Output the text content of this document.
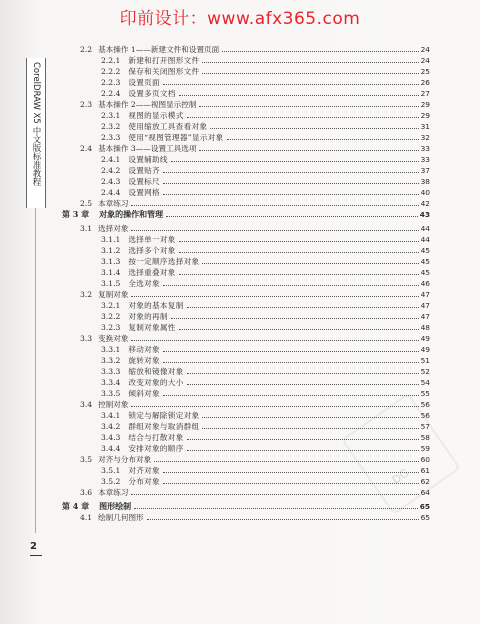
印前设计：www.afx365.com
CorelDRAW X5 中文版标准教程
DG
2.2 基本操作 1——新建文件和设置页面	24
2.2.1 新建和打开图形文件	24
2.2.2 保存和关闭图形文件	25
2.2.3 设置页面	26
2.2.4 设置多页文档	27
2.3 基本操作 2——视图显示控制	29
2.3.1 视图的显示模式	29
2.3.2 使用缩放工具查看对象	31
2.3.3 使用“视图管理器”显示对象	32
2.4 基本操作 3——设置工具选项	33
2.4.1 设置辅助线	33
2.4.2 设置贴齐	37
2.4.3 设置标尺	38
2.4.4 设置网格	40
2.5 本章练习	42
第 3 章 对象的操作和管理	43
3.1 选择对象	44
3.1.1 选择单一对象	44
3.1.2 选择多个对象	45
3.1.3 按一定顺序选择对象	45
3.1.4 选择重叠对象	45
3.1.5 全选对象	46
3.2 复制对象	47
3.2.1 对象的基本复制	47
3.2.2 对象的再制	47
3.2.3 复制对象属性	48
3.3 变换对象	49
3.3.1 移动对象	49
3.3.2 旋转对象	51
3.3.3 缩放和镜像对象	52
3.3.4 改变对象的大小	54
3.3.5 倾斜对象	55
3.4 控制对象	56
3.4.1 锁定与解除锁定对象	56
3.4.2 群组对象与取消群组	57
3.4.3 结合与打散对象	58
3.4.4 安排对象的顺序	59
3.5 对齐与分布对象	60
3.5.1 对齐对象	61
3.5.2 分布对象	62
3.6 本章练习	64
第 4 章 图形绘制	65
4.1 绘制几何图形	65
2
